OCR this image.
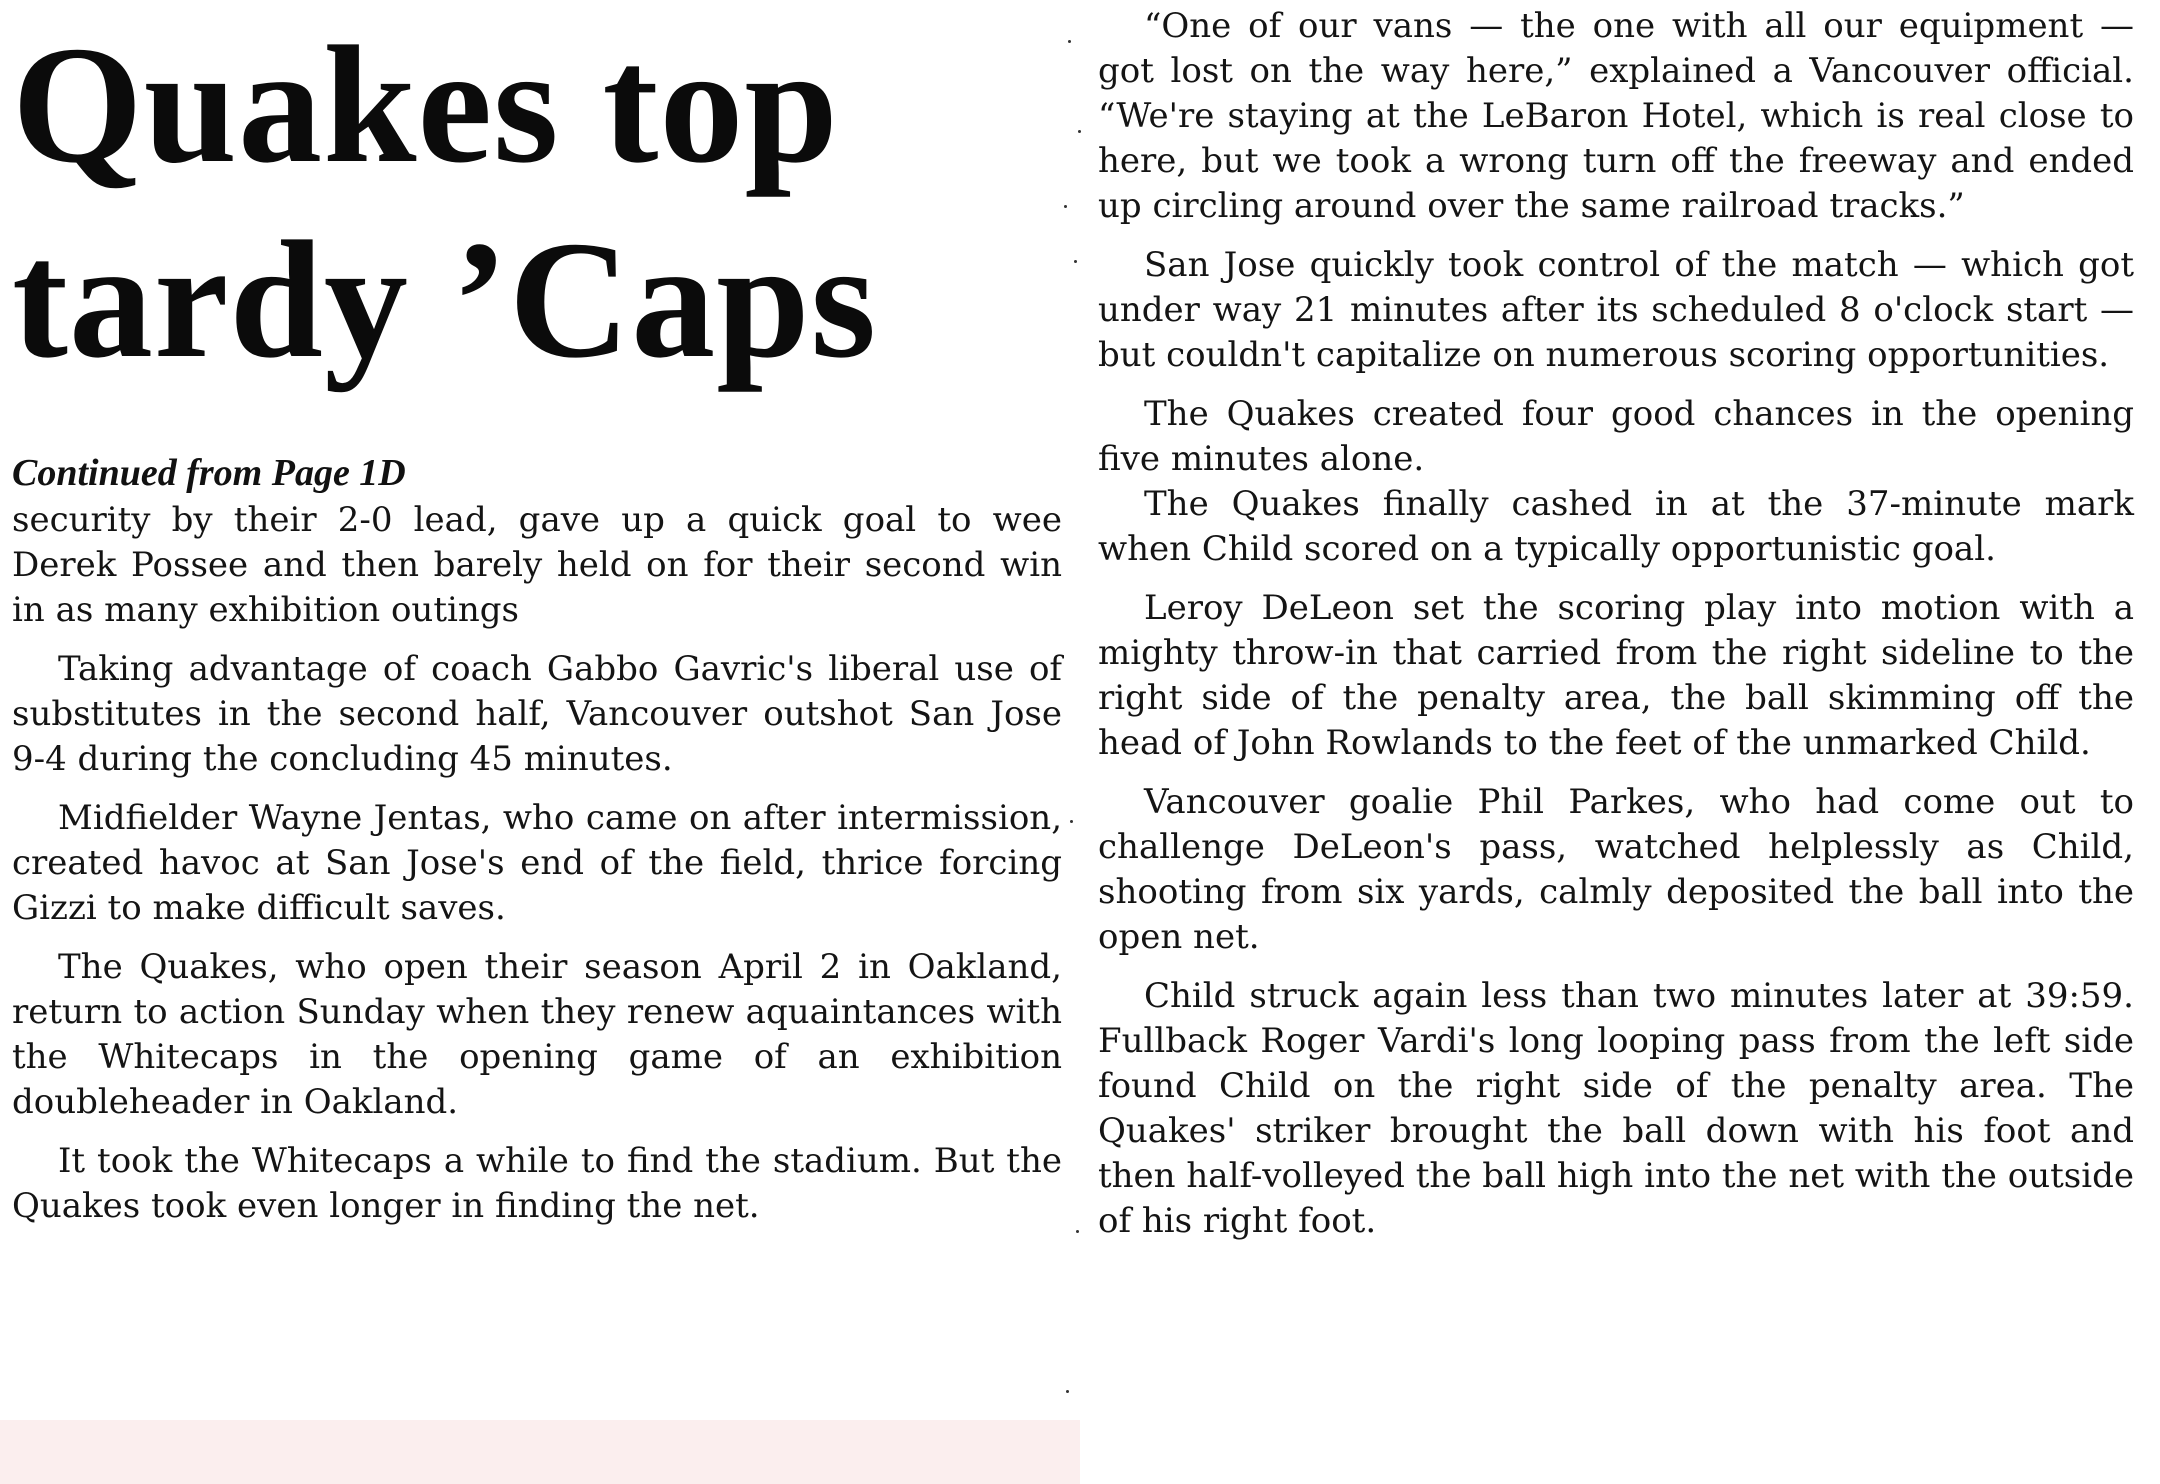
Quakes top
tardy ’Caps

Continued from Page 1D

security by their 2-0 lead, gave up a quick goal to wee Derek Possee and then barely held on for their second win in as many exhibition outings

Taking advantage of coach Gabbo Gavric's liberal use of substitutes in the second half, Vancouver outshot San Jose 9-4 during the concluding 45 minutes.

Midfielder Wayne Jentas, who came on after intermission, created havoc at San Jose's end of the field, thrice forcing Gizzi to make difficult saves.

The Quakes, who open their season April 2 in Oakland, return to action Sunday when they renew aquaintances with the Whitecaps in the opening game of an exhibition doubleheader in Oakland.

It took the Whitecaps a while to find the stadium. But the Quakes took even longer in finding the net.

“One of our vans — the one with all our equipment — got lost on the way here,” explained a Vancouver official. “We're staying at the LeBaron Hotel, which is real close to here, but we took a wrong turn off the freeway and ended up circling around over the same railroad tracks.”

San Jose quickly took control of the match — which got under way 21 minutes after its scheduled 8 o'clock start — but couldn't capitalize on numerous scoring opportunities.

The Quakes created four good chances in the opening five minutes alone.

The Quakes finally cashed in at the 37-minute mark when Child scored on a typically opportunistic goal.

Leroy DeLeon set the scoring play into motion with a mighty throw-in that carried from the right sideline to the right side of the penalty area, the ball skimming off the head of John Rowlands to the feet of the unmarked Child.

Vancouver goalie Phil Parkes, who had come out to challenge DeLeon's pass, watched helplessly as Child, shooting from six yards, calmly deposited the ball into the open net.

Child struck again less than two minutes later at 39:59. Fullback Roger Vardi's long looping pass from the left side found Child on the right side of the penalty area. The Quakes' striker brought the ball down with his foot and then half-volleyed the ball high into the net with the outside of his right foot.
